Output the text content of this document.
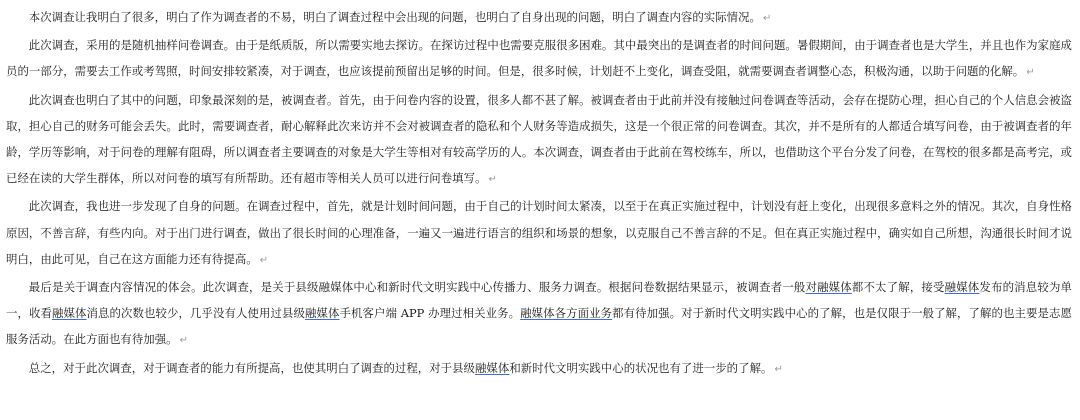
本次调查让我明白了很多，明白了作为调查者的不易，明白了调查过程中会出现的问题，也明白了自身出现的问题，明白了调查内容的实际情况。 ↵

此次调查，采用的是随机抽样问卷调查。由于是纸质版，所以需要实地去探访。在探访过程中也需要克服很多困难。其中最突出的是调查者的时间问题。暑假期间，由于调查者也是大学生，并且也作为家庭成员的一部分，需要去工作或考驾照，时间安排较紧凑，对于调查，也应该提前预留出足够的时间。但是，很多时候，计划赶不上变化，调查受阻，就需要调查者调整心态，积极沟通，以助于问题的化解。 ↵

此次调查也明白了其中的问题，印象最深刻的是，被调查者。首先，由于问卷内容的设置，很多人都不甚了解。被调查者由于此前并没有接触过问卷调查等活动，会存在提防心理，担心自己的个人信息会被盗取，担心自己的财务可能会丢失。此时，需要调查者，耐心解释此次来访并不会对被调查者的隐私和个人财务等造成损失，这是一个很正常的问卷调查。其次，并不是所有的人都适合填写问卷，由于被调查者的年龄，学历等影响，对于问卷的理解有阻碍，所以调查者主要调查的对象是大学生等相对有较高学历的人。本次调查，调查者由于此前在驾校练车，所以，也借助这个平台分发了问卷，在驾校的很多都是高考完，或已经在读的大学生群体，所以对问卷的填写有所帮助。还有超市等相关人员可以进行问卷填写。 ↵

此次调查，我也进一步发现了自身的问题。在调查过程中，首先，就是计划时间问题，由于自己的计划时间太紧凑，以至于在真正实施过程中，计划没有赶上变化，出现很多意料之外的情况。其次，自身性格原因，不善言辞，有些内向。对于出门进行调查，做出了很长时间的心理准备，一遍又一遍进行语言的组织和场景的想象，以克服自己不善言辞的不足。但在真正实施过程中，确实如自己所想，沟通很长时间才说明白，由此可见，自己在这方面能力还有待提高。 ↵

最后是关于调查内容情况的体会。此次调查，是关于县级融媒体中心和新时代文明实践中心传播力、服务力调查。根据问卷数据结果显示，被调查者一般对融媒体都不太了解，接受融媒体发布的消息较为单一，收看融媒体消息的次数也较少，几乎没有人使用过县级融媒体手机客户端 APP 办理过相关业务。融媒体各方面业务都有待加强。对于新时代文明实践中心的了解，也是仅限于一般了解，了解的也主要是志愿服务活动。在此方面也有待加强。 ↵

总之，对于此次调查，对于调查者的能力有所提高，也使其明白了调查的过程，对于县级融媒体和新时代文明实践中心的状况也有了进一步的了解。 ↵
